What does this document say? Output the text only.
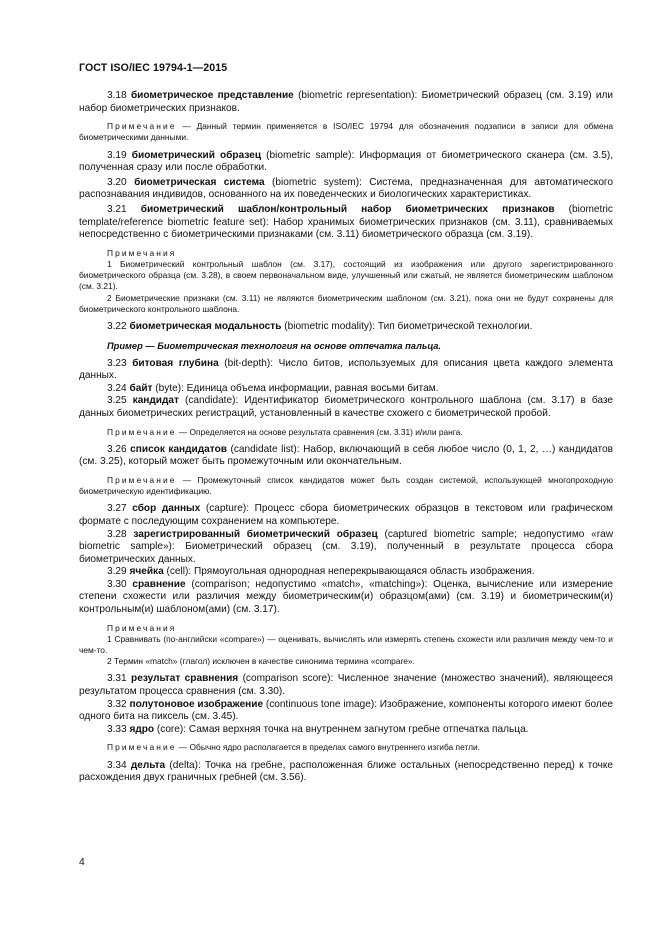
ГОСТ ISO/IEC 19794-1—2015

3.18 биометрическое представление (biometric representation): Биометрический образец (см. 3.19) или набор биометрических признаков.

Примечание — Данный термин применяется в ISO/IEC 19794 для обозначения подзаписи в записи для обмена биометрическими данными.

3.19 биометрический образец (biometric sample): Информация от биометрического сканера (см. 3.5), полученная сразу или после обработки.

3.20 биометрическая система (biometric system): Система, предназначенная для автоматического распознавания индивидов, основанного на их поведенческих и биологических характеристиках.

3.21 биометрический шаблон/контрольный набор биометрических признаков (biometric template/reference biometric feature set): Набор хранимых биометрических признаков (см. 3.11), сравниваемых непосредственно с биометрическими признаками (см. 3.11) биометрического образца (см. 3.19).

Примечания

1 Биометрический контрольный шаблон (см. 3.17), состоящий из изображения или другого зарегистрированного биометрического образца (см. 3.28), в своем первоначальном виде, улучшенный или сжатый, не является биометрическим шаблоном (см. 3.21).

2 Биометрические признаки (см. 3.11) не являются биометрическим шаблоном (см. 3.21), пока они не будут сохранены для биометрического контрольного шаблона.

3.22 биометрическая модальность (biometric modality): Тип биометрической технологии.

Пример — Биометрическая технология на основе отпечатка пальца.

3.23 битовая глубина (bit-depth): Число битов, используемых для описания цвета каждого элемента данных.

3.24 байт (byte): Единица объема информации, равная восьми битам.

3.25 кандидат (candidate): Идентификатор биометрического контрольного шаблона (см. 3.17) в базе данных биометрических регистраций, установленный в качестве схожего с биометрической пробой.

Примечание — Определяется на основе результата сравнения (см. 3.31) и/или ранга.

3.26 список кандидатов (candidate list): Набор, включающий в себя любое число (0, 1, 2, …) кандидатов (см. 3.25), который может быть промежуточным или окончательным.

Примечание — Промежуточный список кандидатов может быть создан системой, использующей многопроходную биометрическую идентификацию.

3.27 сбор данных (capture): Процесс сбора биометрических образцов в текстовом или графическом формате с последующим сохранением на компьютере.

3.28 зарегистрированный биометрический образец (captured biometric sample; недопустимо «raw biometric sample»): Биометрический образец (см. 3.19), полученный в результате процесса сбора биометрических данных.

3.29 ячейка (cell): Прямоугольная однородная неперекрывающаяся область изображения.

3.30 сравнение (comparison; недопустимо «match», «matching»): Оценка, вычисление или измерение степени схожести или различия между биометрическим(и) образцом(ами) (см. 3.19) и биометрическим(и) контрольным(и) шаблоном(ами) (см. 3.17).

Примечания

1 Сравнивать (по-английски «compare») — оценивать, вычислять или измерять степень схожести или различия между чем-то и чем-то.

2 Термин «match» (глагол) исключен в качестве синонима термина «compare».

3.31 результат сравнения (comparison score): Численное значение (множество значений), являющееся результатом процесса сравнения (см. 3.30).

3.32 полутоновое изображение (continuous tone image): Изображение, компоненты которого имеют более одного бита на пиксель (см. 3.45).

3.33 ядро (core): Самая верхняя точка на внутреннем загнутом гребне отпечатка пальца.

Примечание — Обычно ядро располагается в пределах самого внутреннего изгиба петли.

3.34 дельта (delta): Точка на гребне, расположенная ближе остальных (непосредственно перед) к точке расхождения двух граничных гребней (см. 3.56).

4
